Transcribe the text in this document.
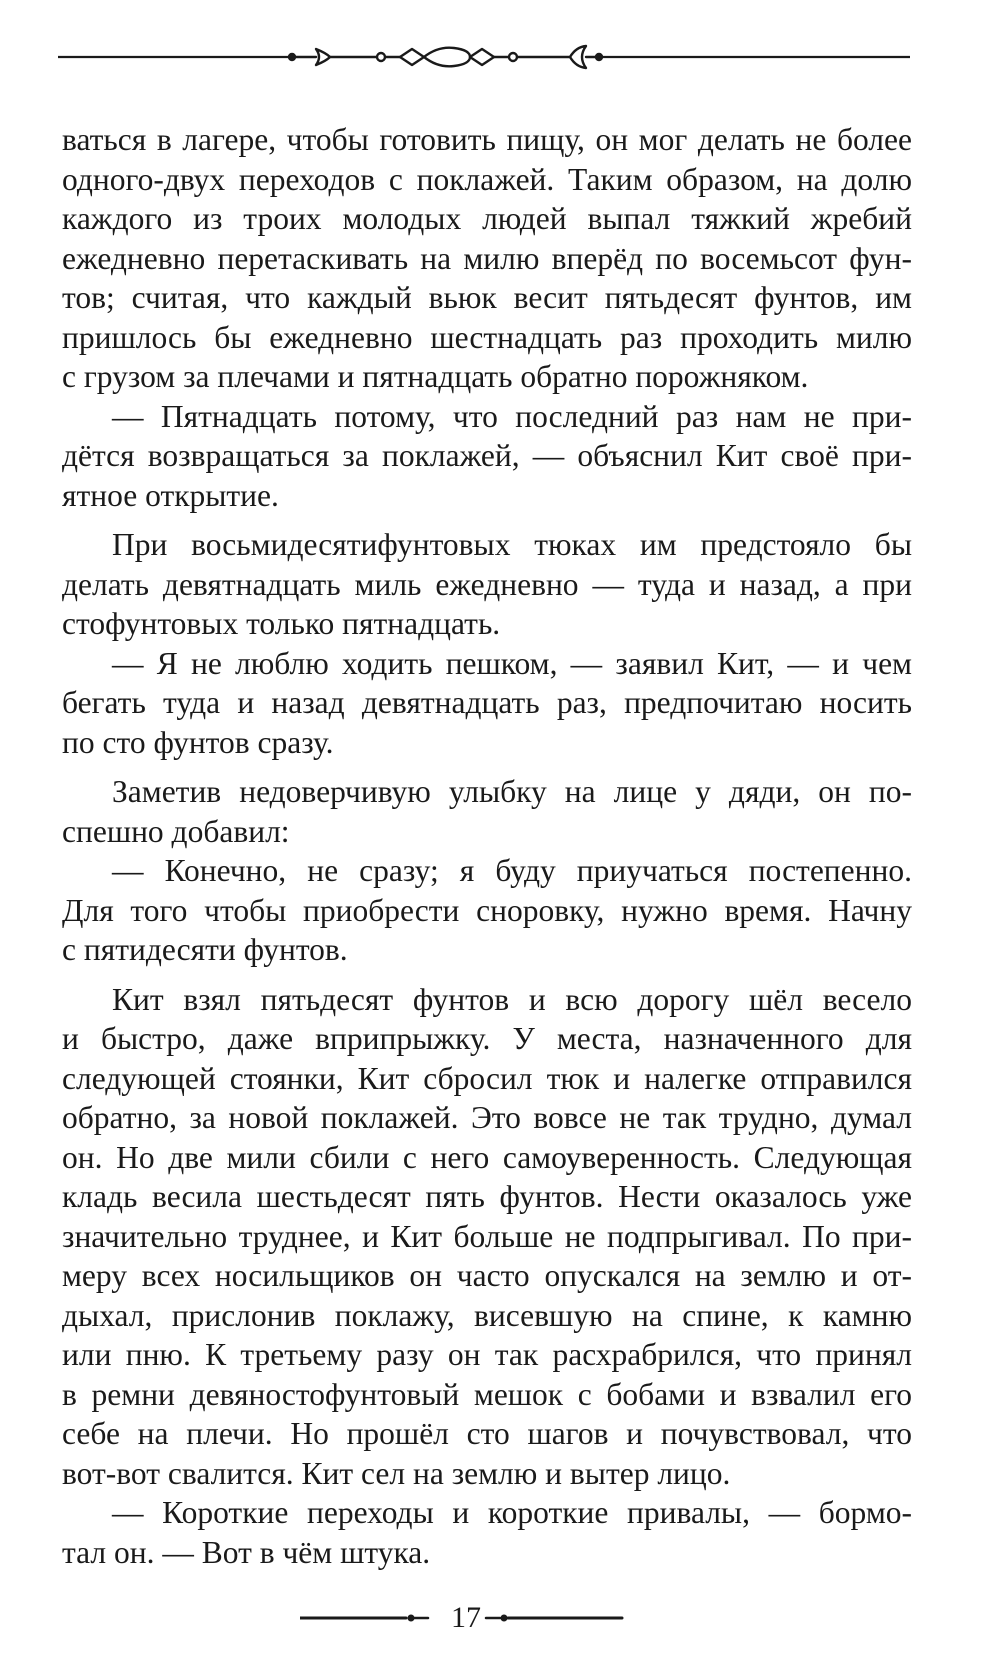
ваться в лагере, чтобы готовить пищу, он мог делать не более
одного-двух переходов с поклажей. Таким образом, на долю
каждого из троих молодых людей выпал тяжкий жребий
ежедневно перетаскивать на милю вперёд по восемьсот фун-
тов; считая, что каждый вьюк весит пятьдесят фунтов, им
пришлось бы ежедневно шестнадцать раз проходить милю
с грузом за плечами и пятнадцать обратно порожняком.
— Пятнадцать потому, что последний раз нам не при-
дётся возвращаться за поклажей, — объяснил Кит своё при-
ятное открытие.
При восьмидесятифунтовых тюках им предстояло бы
делать девятнадцать миль ежедневно — туда и назад, а при
стофунтовых только пятнадцать.
— Я не люблю ходить пешком, — заявил Кит, — и чем
бегать туда и назад девятнадцать раз, предпочитаю носить
по сто фунтов сразу.
Заметив недоверчивую улыбку на лице у дяди, он по-
спешно добавил:
— Конечно, не сразу; я буду приучаться постепенно.
Для того чтобы приобрести сноровку, нужно время. Начну
с пятидесяти фунтов.
Кит взял пятьдесят фунтов и всю дорогу шёл весело
и быстро, даже вприпрыжку. У места, назначенного для
следующей стоянки, Кит сбросил тюк и налегке отправился
обратно, за новой поклажей. Это вовсе не так трудно, думал
он. Но две мили сбили с него самоуверенность. Следующая
кладь весила шестьдесят пять фунтов. Нести оказалось уже
значительно труднее, и Кит больше не подпрыгивал. По при-
меру всех носильщиков он часто опускался на землю и от-
дыхал, прислонив поклажу, висевшую на спине, к камню
или пню. К третьему разу он так расхрабрился, что принял
в ремни девяностофунтовый мешок с бобами и взвалил его
себе на плечи. Но прошёл сто шагов и почувствовал, что
вот-вот свалится. Кит сел на землю и вытер лицо.
— Короткие переходы и короткие привалы, — бормо-
тал он. — Вот в чём штука.
17
